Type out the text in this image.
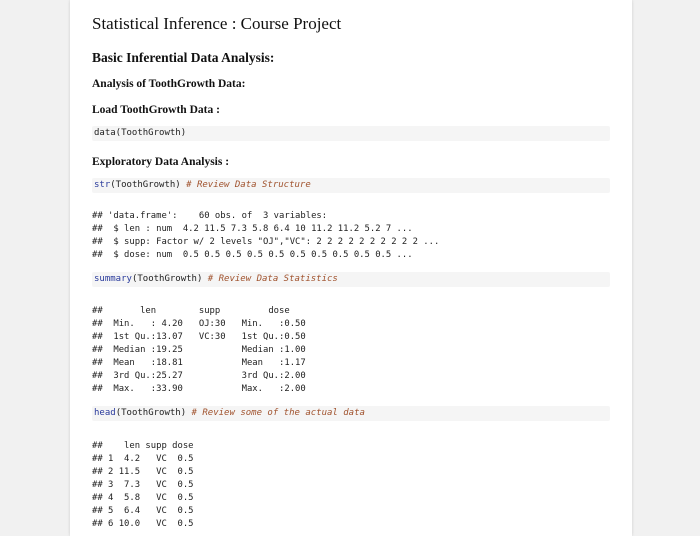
Statistical Inference : Course Project
Basic Inferential Data Analysis:
Analysis of ToothGrowth Data:
Load ToothGrowth Data :
data(ToothGrowth)
Exploratory Data Analysis :
str(ToothGrowth) # Review Data Structure
## 'data.frame':    60 obs. of  3 variables:
##  $ len : num  4.2 11.5 7.3 5.8 6.4 10 11.2 11.2 5.2 7 ...
##  $ supp: Factor w/ 2 levels "OJ","VC": 2 2 2 2 2 2 2 2 2 2 ...
##  $ dose: num  0.5 0.5 0.5 0.5 0.5 0.5 0.5 0.5 0.5 0.5 ...
summary(ToothGrowth) # Review Data Statistics
##       len        supp         dose
##  Min.   : 4.20   OJ:30   Min.   :0.50
##  1st Qu.:13.07   VC:30   1st Qu.:0.50
##  Median :19.25           Median :1.00
##  Mean   :18.81           Mean   :1.17
##  3rd Qu.:25.27           3rd Qu.:2.00
##  Max.   :33.90           Max.   :2.00
head(ToothGrowth) # Review some of the actual data
##    len supp dose
## 1  4.2   VC  0.5
## 2 11.5   VC  0.5
## 3  7.3   VC  0.5
## 4  5.8   VC  0.5
## 5  6.4   VC  0.5
## 6 10.0   VC  0.5
